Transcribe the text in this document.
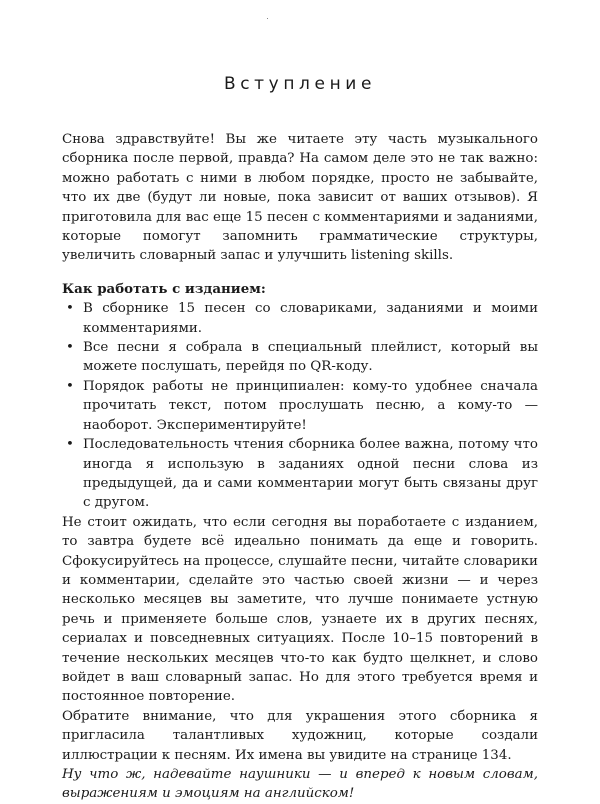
Вступление

Снова здравствуйте! Вы же читаете эту часть музыкального сборника после первой, правда? На самом деле это не так важно: можно работать с ними в любом порядке, просто не забывайте, что их две (будут ли новые, пока зависит от ваших отзывов). Я приготовила для вас еще 15 песен с комментариями и заданиями, которые помогут запомнить грамматические структуры, увеличить словарный запас и улучшить listening skills.

Как работать с изданием:

• В сборнике 15 песен со словариками, заданиями и моими комментариями.
• Все песни я собрала в специальный плейлист, который вы можете послушать, перейдя по QR-коду.
• Порядок работы не принципиален: кому-то удобнее сначала прочитать текст, потом прослушать песню, а кому-то — наоборот. Экспериментируйте!
• Последовательность чтения сборника более важна, потому что иногда я использую в заданиях одной песни слова из предыдущей, да и сами комментарии могут быть связаны друг с другом.

Не стоит ожидать, что если сегодня вы поработаете с изданием, то завтра будете всё идеально понимать да еще и говорить. Сфокусируйтесь на процессе, слушайте песни, читайте словарики и комментарии, сделайте это частью своей жизни — и через несколько месяцев вы заметите, что лучше понимаете устную речь и применяете больше слов, узнаете их в других песнях, сериалах и повседневных ситуациях. После 10–15 повторений в течение нескольких месяцев что-то как будто щелкнет, и слово войдет в ваш словарный запас. Но для этого требуется время и постоянное повторение.

Обратите внимание, что для украшения этого сборника я пригласила талантливых художниц, которые создали иллюстрации к песням. Их имена вы увидите на странице 134.

Ну что ж, надевайте наушники — и вперед к новым словам, выражениям и эмоциям на английском!
